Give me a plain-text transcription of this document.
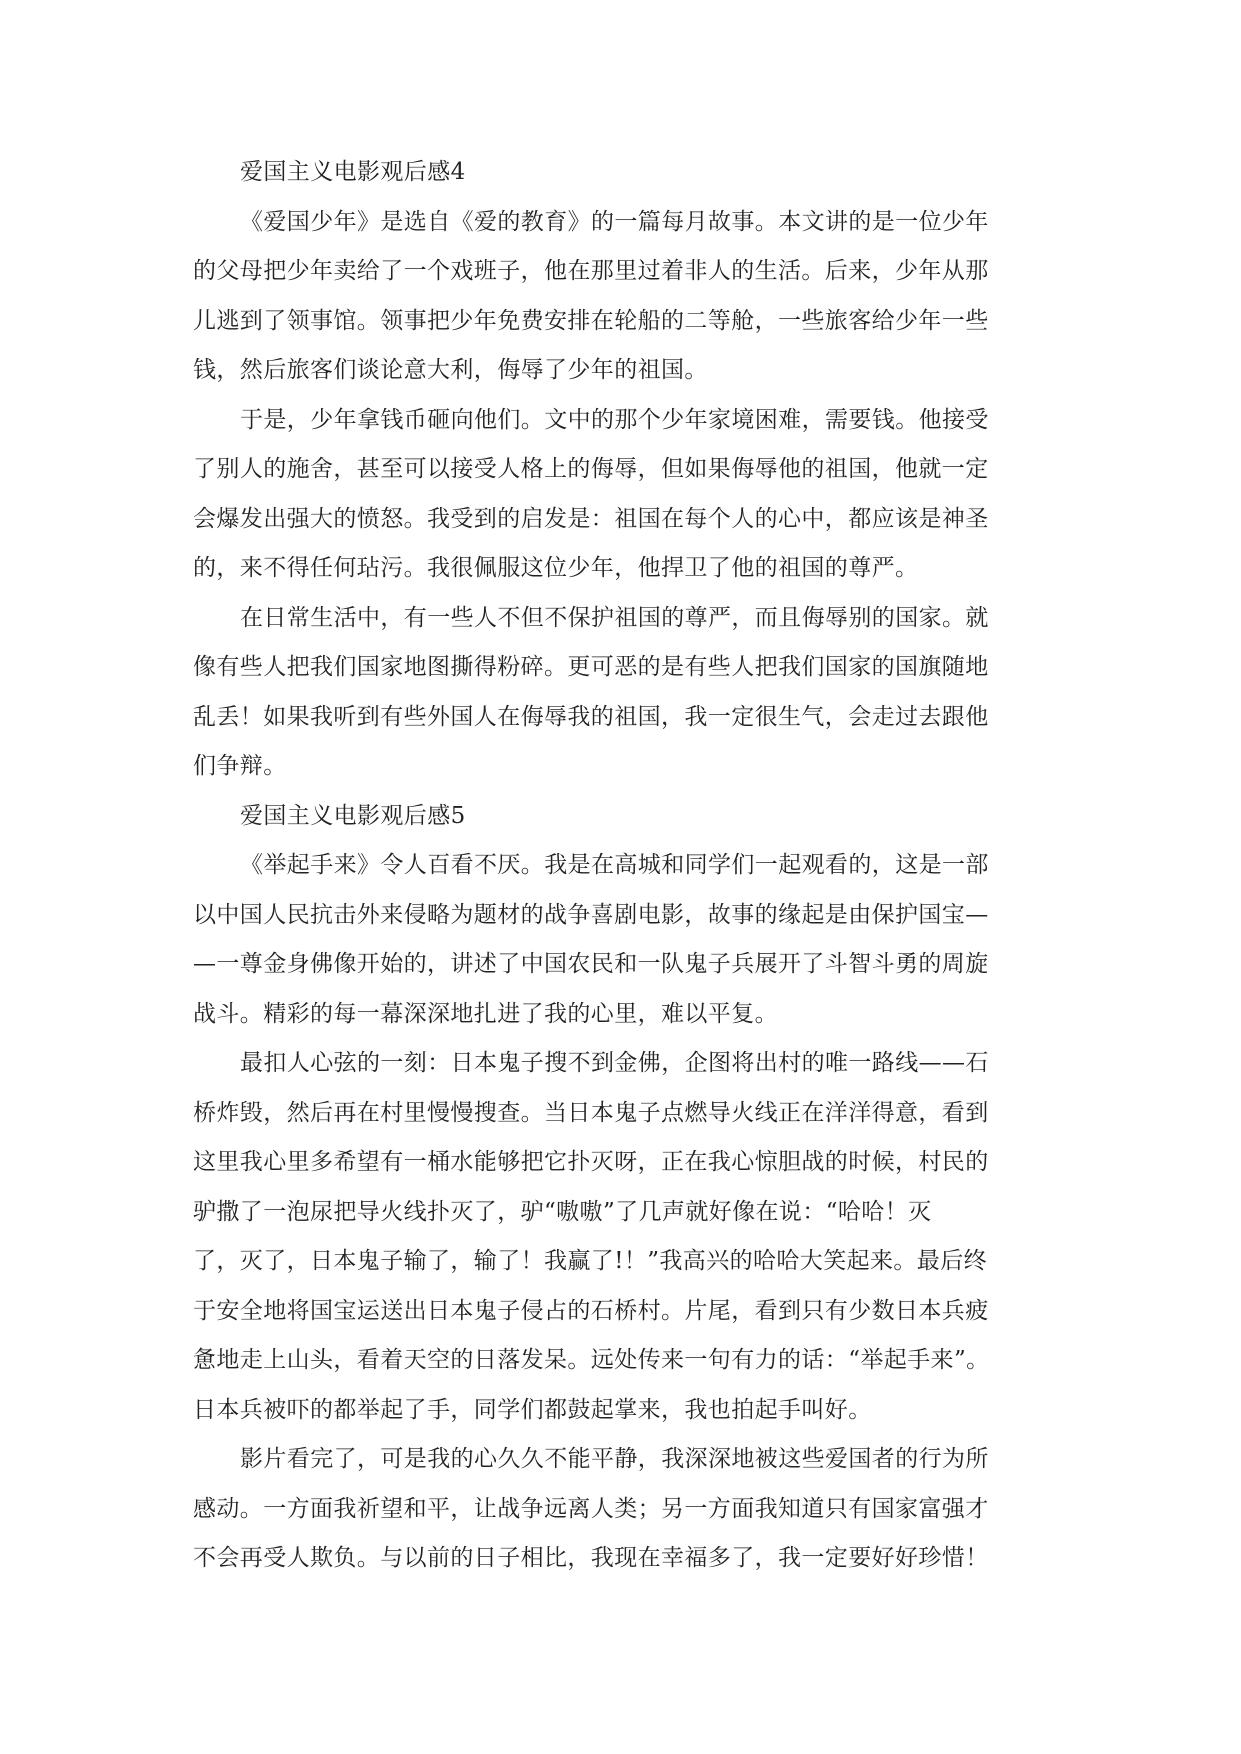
爱国主义电影观后感4
《爱国少年》是选自《爱的教育》的一篇每月故事。本文讲的是一位少年
的父母把少年卖给了一个戏班子，他在那里过着非人的生活。后来，少年从那
儿逃到了领事馆。领事把少年免费安排在轮船的二等舱，一些旅客给少年一些
钱，然后旅客们谈论意大利，侮辱了少年的祖国。
于是，少年拿钱币砸向他们。文中的那个少年家境困难，需要钱。他接受
了别人的施舍，甚至可以接受人格上的侮辱，但如果侮辱他的祖国，他就一定
会爆发出强大的愤怒。我受到的启发是：祖国在每个人的心中，都应该是神圣
的，来不得任何玷污。我很佩服这位少年，他捍卫了他的祖国的尊严。
在日常生活中，有一些人不但不保护祖国的尊严，而且侮辱别的国家。就
像有些人把我们国家地图撕得粉碎。更可恶的是有些人把我们国家的国旗随地
乱丢！如果我听到有些外国人在侮辱我的祖国，我一定很生气，会走过去跟他
们争辩。
爱国主义电影观后感5
《举起手来》令人百看不厌。我是在高城和同学们一起观看的，这是一部
以中国人民抗击外来侵略为题材的战争喜剧电影，故事的缘起是由保护国宝—
—一尊金身佛像开始的，讲述了中国农民和一队鬼子兵展开了斗智斗勇的周旋
战斗。精彩的每一幕深深地扎进了我的心里，难以平复。
最扣人心弦的一刻：日本鬼子搜不到金佛，企图将出村的唯一路线——石
桥炸毁，然后再在村里慢慢搜查。当日本鬼子点燃导火线正在洋洋得意，看到
这里我心里多希望有一桶水能够把它扑灭呀，正在我心惊胆战的时候，村民的
驴撒了一泡尿把导火线扑灭了，驴“嗷嗷”了几声就好像在说：“哈哈！灭
了，灭了，日本鬼子输了，输了！我赢了!！”我高兴的哈哈大笑起来。最后终
于安全地将国宝运送出日本鬼子侵占的石桥村。片尾，看到只有少数日本兵疲
惫地走上山头，看着天空的日落发呆。远处传来一句有力的话：“举起手来”。
日本兵被吓的都举起了手，同学们都鼓起掌来，我也拍起手叫好。
影片看完了，可是我的心久久不能平静，我深深地被这些爱国者的行为所
感动。一方面我祈望和平，让战争远离人类；另一方面我知道只有国家富强才
不会再受人欺负。与以前的日子相比，我现在幸福多了，我一定要好好珍惜！
